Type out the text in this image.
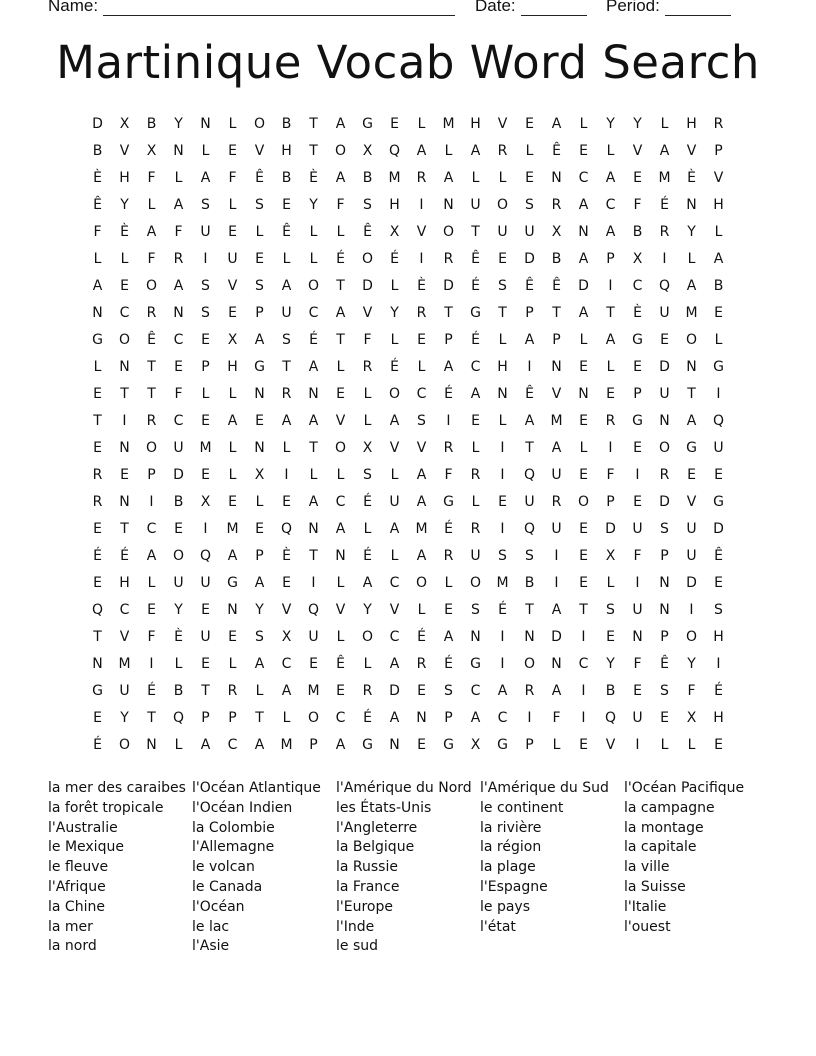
Name:	Date:	Period:
Martinique Vocab Word Search
D	X	B	Y	N	L	O	B	T	A	G	E	L	M	H	V	E	A	L	Y	Y	L	H	R
B	V	X	N	L	E	V	H	T	O	X	Q	A	L	A	R	L	Ê	E	L	V	A	V	P
È	H	F	L	A	F	Ê	B	È	A	B	M	R	A	L	L	E	N	C	A	E	M	È	V
Ê	Y	L	A	S	L	S	E	Y	F	S	H	I	N	U	O	S	R	A	C	F	É	N	H
F	È	A	F	U	E	L	Ê	L	L	Ê	X	V	O	T	U	U	X	N	A	B	R	Y	L
L	L	F	R	I	U	E	L	L	É	O	É	I	R	Ê	E	D	B	A	P	X	I	L	A
A	E	O	A	S	V	S	A	O	T	D	L	È	D	É	S	Ê	Ê	D	I	C	Q	A	B
N	C	R	N	S	E	P	U	C	A	V	Y	R	T	G	T	P	T	A	T	È	U	M	E
G	O	Ê	C	E	X	A	S	É	T	F	L	E	P	É	L	A	P	L	A	G	E	O	L
L	N	T	E	P	H	G	T	A	L	R	É	L	A	C	H	I	N	E	L	E	D	N	G
E	T	T	F	L	L	N	R	N	E	L	O	C	É	A	N	Ê	V	N	E	P	U	T	I
T	I	R	C	E	A	E	A	A	V	L	A	S	I	E	L	A	M	E	R	G	N	A	Q
E	N	O	U	M	L	N	L	T	O	X	V	V	R	L	I	T	A	L	I	E	O	G	U
R	E	P	D	E	L	X	I	L	L	S	L	A	F	R	I	Q	U	E	F	I	R	E	E
R	N	I	B	X	E	L	E	A	C	É	U	A	G	L	E	U	R	O	P	E	D	V	G
E	T	C	E	I	M	E	Q	N	A	L	A	M	É	R	I	Q	U	E	D	U	S	U	D
É	É	A	O	Q	A	P	È	T	N	É	L	A	R	U	S	S	I	E	X	F	P	U	Ê
E	H	L	U	U	G	A	E	I	L	A	C	O	L	O	M	B	I	E	L	I	N	D	E
Q	C	E	Y	E	N	Y	V	Q	V	Y	V	L	E	S	É	T	A	T	S	U	N	I	S
T	V	F	È	U	E	S	X	U	L	O	C	É	A	N	I	N	D	I	E	N	P	O	H
N	M	I	L	E	L	A	C	E	Ê	L	A	R	É	G	I	O	N	C	Y	F	Ê	Y	I
G	U	É	B	T	R	L	A	M	E	R	D	E	S	C	A	R	A	I	B	E	S	F	É
E	Y	T	Q	P	P	T	L	O	C	É	A	N	P	A	C	I	F	I	Q	U	E	X	H
É	O	N	L	A	C	A	M	P	A	G	N	E	G	X	G	P	L	E	V	I	L	L	E
la mer des caraibes
la forêt tropicale
l'Australie
le Mexique
le fleuve
l'Afrique
la Chine
la mer
la nord
l'Océan Atlantique
l'Océan Indien
la Colombie
l'Allemagne
le volcan
le Canada
l'Océan
le lac
l'Asie
l'Amérique du Nord
les États-Unis
l'Angleterre
la Belgique
la Russie
la France
l'Europe
l'Inde
le sud
l'Amérique du Sud
le continent
la rivière
la région
la plage
l'Espagne
le pays
l'état
l'Océan Pacifique
la campagne
la montage
la capitale
la ville
la Suisse
l'Italie
l'ouest
